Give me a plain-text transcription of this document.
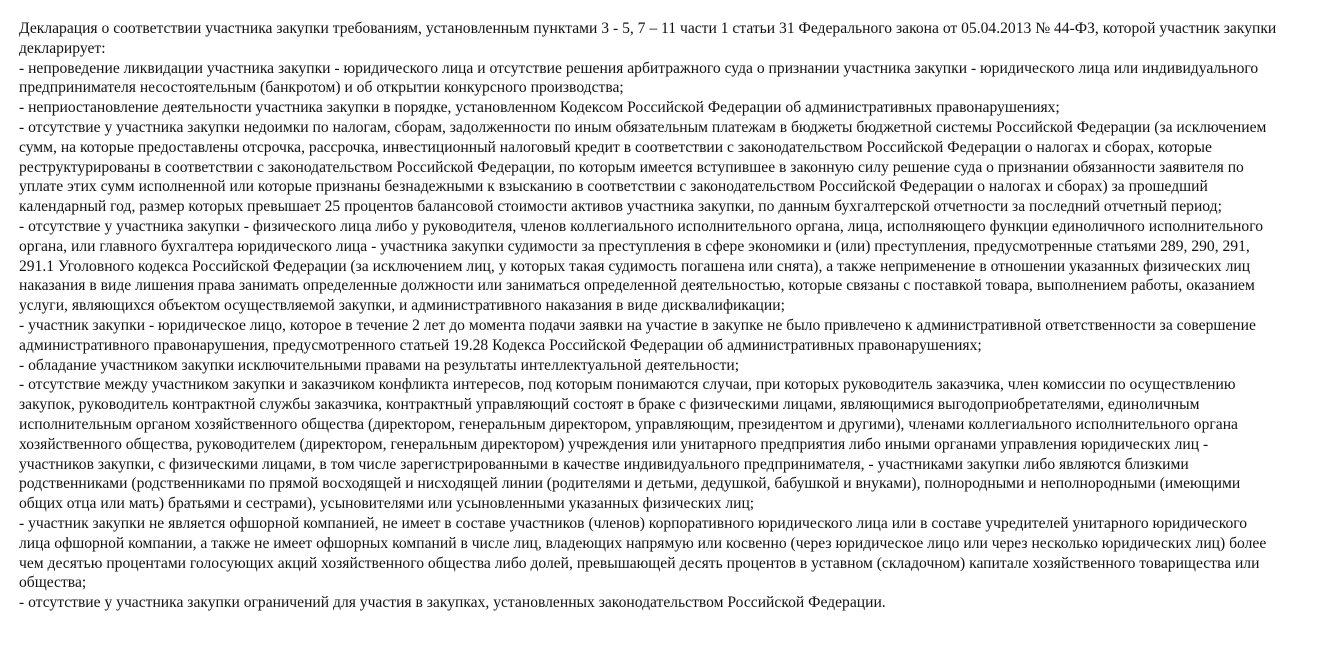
Декларация о соответствии участника закупки требованиям, установленным пунктами 3 - 5, 7 – 11 части 1 статьи 31 Федерального закона от 05.04.2013 № 44-ФЗ, которой участник закупки
декларирует:
- непроведение ликвидации участника закупки - юридического лица и отсутствие решения арбитражного суда о признании участника закупки - юридического лица или индивидуального
предпринимателя несостоятельным (банкротом) и об открытии конкурсного производства;
- неприостановление деятельности участника закупки в порядке, установленном Кодексом Российской Федерации об административных правонарушениях;
- отсутствие у участника закупки недоимки по налогам, сборам, задолженности по иным обязательным платежам в бюджеты бюджетной системы Российской Федерации (за исключением
сумм, на которые предоставлены отсрочка, рассрочка, инвестиционный налоговый кредит в соответствии с законодательством Российской Федерации о налогах и сборах, которые
реструктурированы в соответствии с законодательством Российской Федерации, по которым имеется вступившее в законную силу решение суда о признании обязанности заявителя по
уплате этих сумм исполненной или которые признаны безнадежными к взысканию в соответствии с законодательством Российской Федерации о налогах и сборах) за прошедший
календарный год, размер которых превышает 25 процентов балансовой стоимости активов участника закупки, по данным бухгалтерской отчетности за последний отчетный период;
- отсутствие у участника закупки - физического лица либо у руководителя, членов коллегиального исполнительного органа, лица, исполняющего функции единоличного исполнительного
органа, или главного бухгалтера юридического лица - участника закупки судимости за преступления в сфере экономики и (или) преступления, предусмотренные статьями 289, 290, 291,
291.1 Уголовного кодекса Российской Федерации (за исключением лиц, у которых такая судимость погашена или снята), а также неприменение в отношении указанных физических лиц
наказания в виде лишения права занимать определенные должности или заниматься определенной деятельностью, которые связаны с поставкой товара, выполнением работы, оказанием
услуги, являющихся объектом осуществляемой закупки, и административного наказания в виде дисквалификации;
- участник закупки - юридическое лицо, которое в течение 2 лет до момента подачи заявки на участие в закупке не было привлечено к административной ответственности за совершение
административного правонарушения, предусмотренного статьей 19.28 Кодекса Российской Федерации об административных правонарушениях;
- обладание участником закупки исключительными правами на результаты интеллектуальной деятельности;
- отсутствие между участником закупки и заказчиком конфликта интересов, под которым понимаются случаи, при которых руководитель заказчика, член комиссии по осуществлению
закупок, руководитель контрактной службы заказчика, контрактный управляющий состоят в браке с физическими лицами, являющимися выгодоприобретателями, единоличным
исполнительным органом хозяйственного общества (директором, генеральным директором, управляющим, президентом и другими), членами коллегиального исполнительного органа
хозяйственного общества, руководителем (директором, генеральным директором) учреждения или унитарного предприятия либо иными органами управления юридических лиц -
участников закупки, с физическими лицами, в том числе зарегистрированными в качестве индивидуального предпринимателя, - участниками закупки либо являются близкими
родственниками (родственниками по прямой восходящей и нисходящей линии (родителями и детьми, дедушкой, бабушкой и внуками), полнородными и неполнородными (имеющими
общих отца или мать) братьями и сестрами), усыновителями или усыновленными указанных физических лиц;
- участник закупки не является офшорной компанией, не имеет в составе участников (членов) корпоративного юридического лица или в составе учредителей унитарного юридического
лица офшорной компании, а также не имеет офшорных компаний в числе лиц, владеющих напрямую или косвенно (через юридическое лицо или через несколько юридических лиц) более
чем десятью процентами голосующих акций хозяйственного общества либо долей, превышающей десять процентов в уставном (складочном) капитале хозяйственного товарищества или
общества;
- отсутствие у участника закупки ограничений для участия в закупках, установленных законодательством Российской Федерации.
